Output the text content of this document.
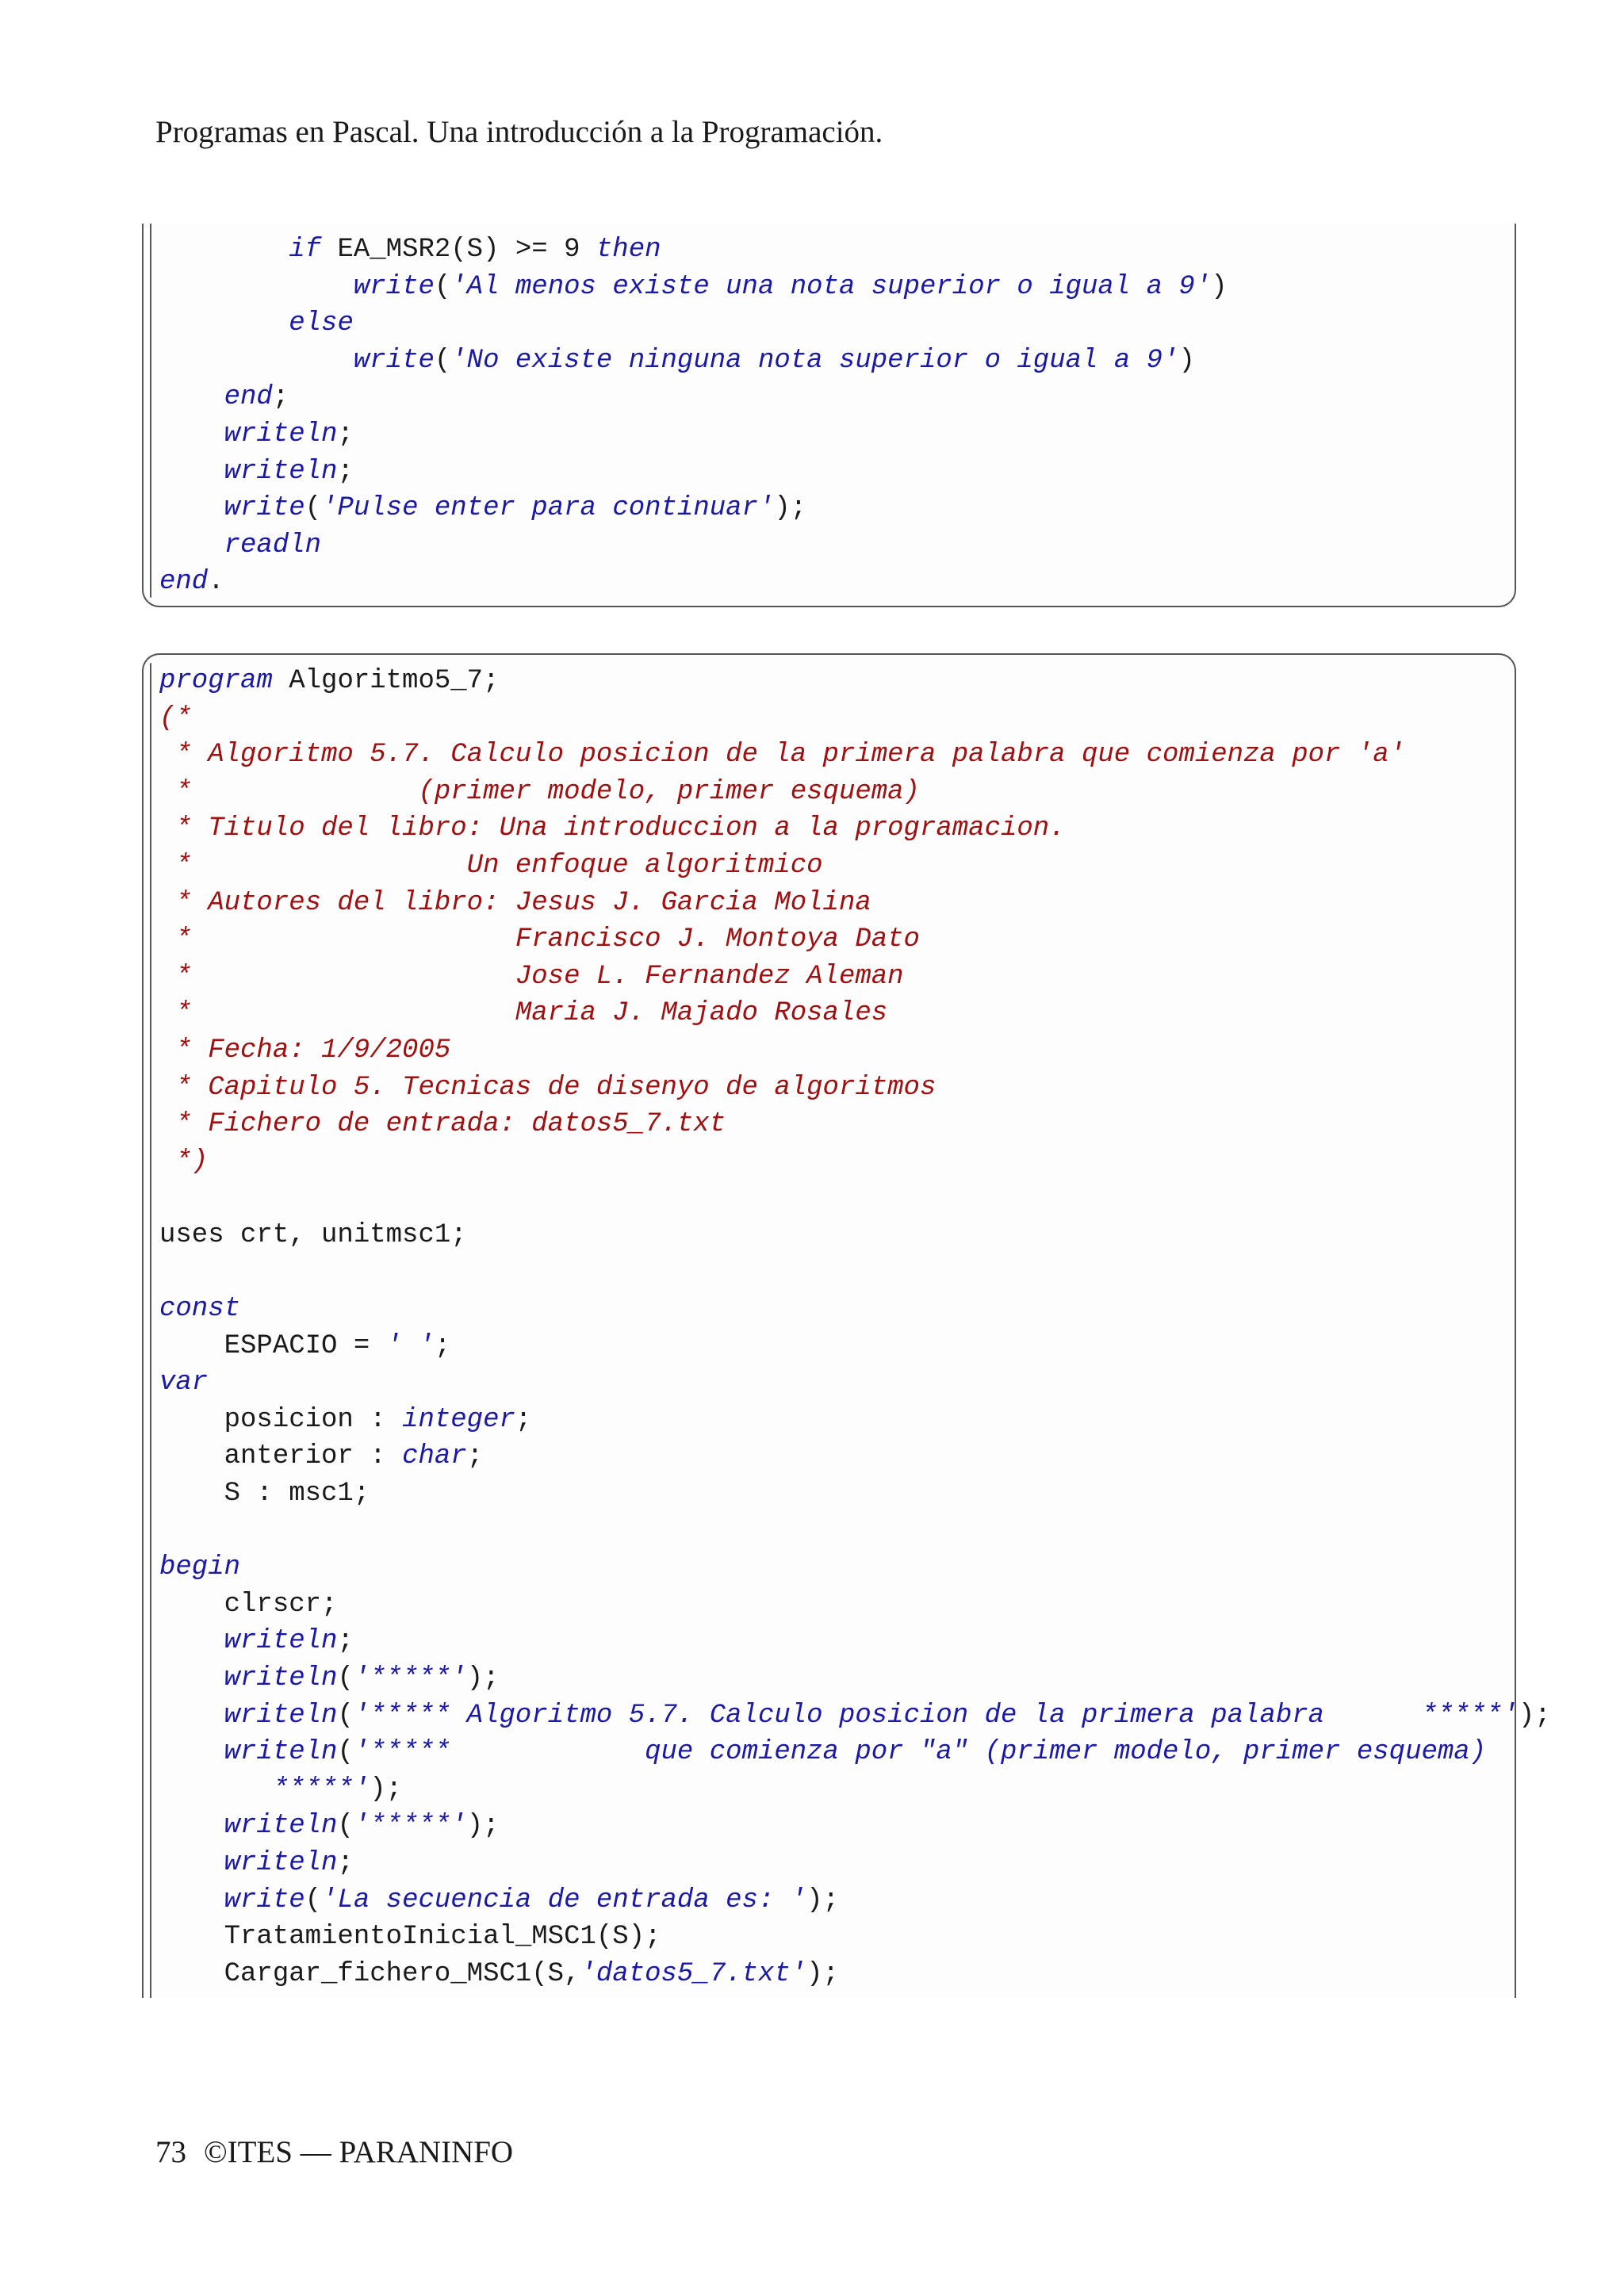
Programas en Pascal. Una introducción a la Programación.
if EA_MSR2(S) >= 9 then
write('Al menos existe una nota superior o igual a 9')
else
write('No existe ninguna nota superior o igual a 9')
end;
writeln;
writeln;
write('Pulse enter para continuar');
readln
end.
program Algoritmo5_7;
(*
* Algoritmo 5.7. Calculo posicion de la primera palabra que comienza por 'a'
*              (primer modelo, primer esquema)
* Titulo del libro: Una introduccion a la programacion.
*                 Un enfoque algoritmico
* Autores del libro: Jesus J. Garcia Molina
*                    Francisco J. Montoya Dato
*                    Jose L. Fernandez Aleman
*                    Maria J. Majado Rosales
* Fecha: 1/9/2005
* Capitulo 5. Tecnicas de disenyo de algoritmos
* Fichero de entrada: datos5_7.txt
*)
uses crt, unitmsc1;
const
ESPACIO = ' ';
var
posicion : integer;
anterior : char;
S : msc1;
begin
clrscr;
writeln;
writeln('*****');
writeln('***** Algoritmo 5.7. Calculo posicion de la primera palabra      *****');
writeln('*****            que comienza por "a" (primer modelo, primer esquema)
*****');
writeln('*****');
writeln;
write('La secuencia de entrada es: ');
TratamientoInicial_MSC1(S);
Cargar_fichero_MSC1(S,'datos5_7.txt');
73 ©ITES — PARANINFO
